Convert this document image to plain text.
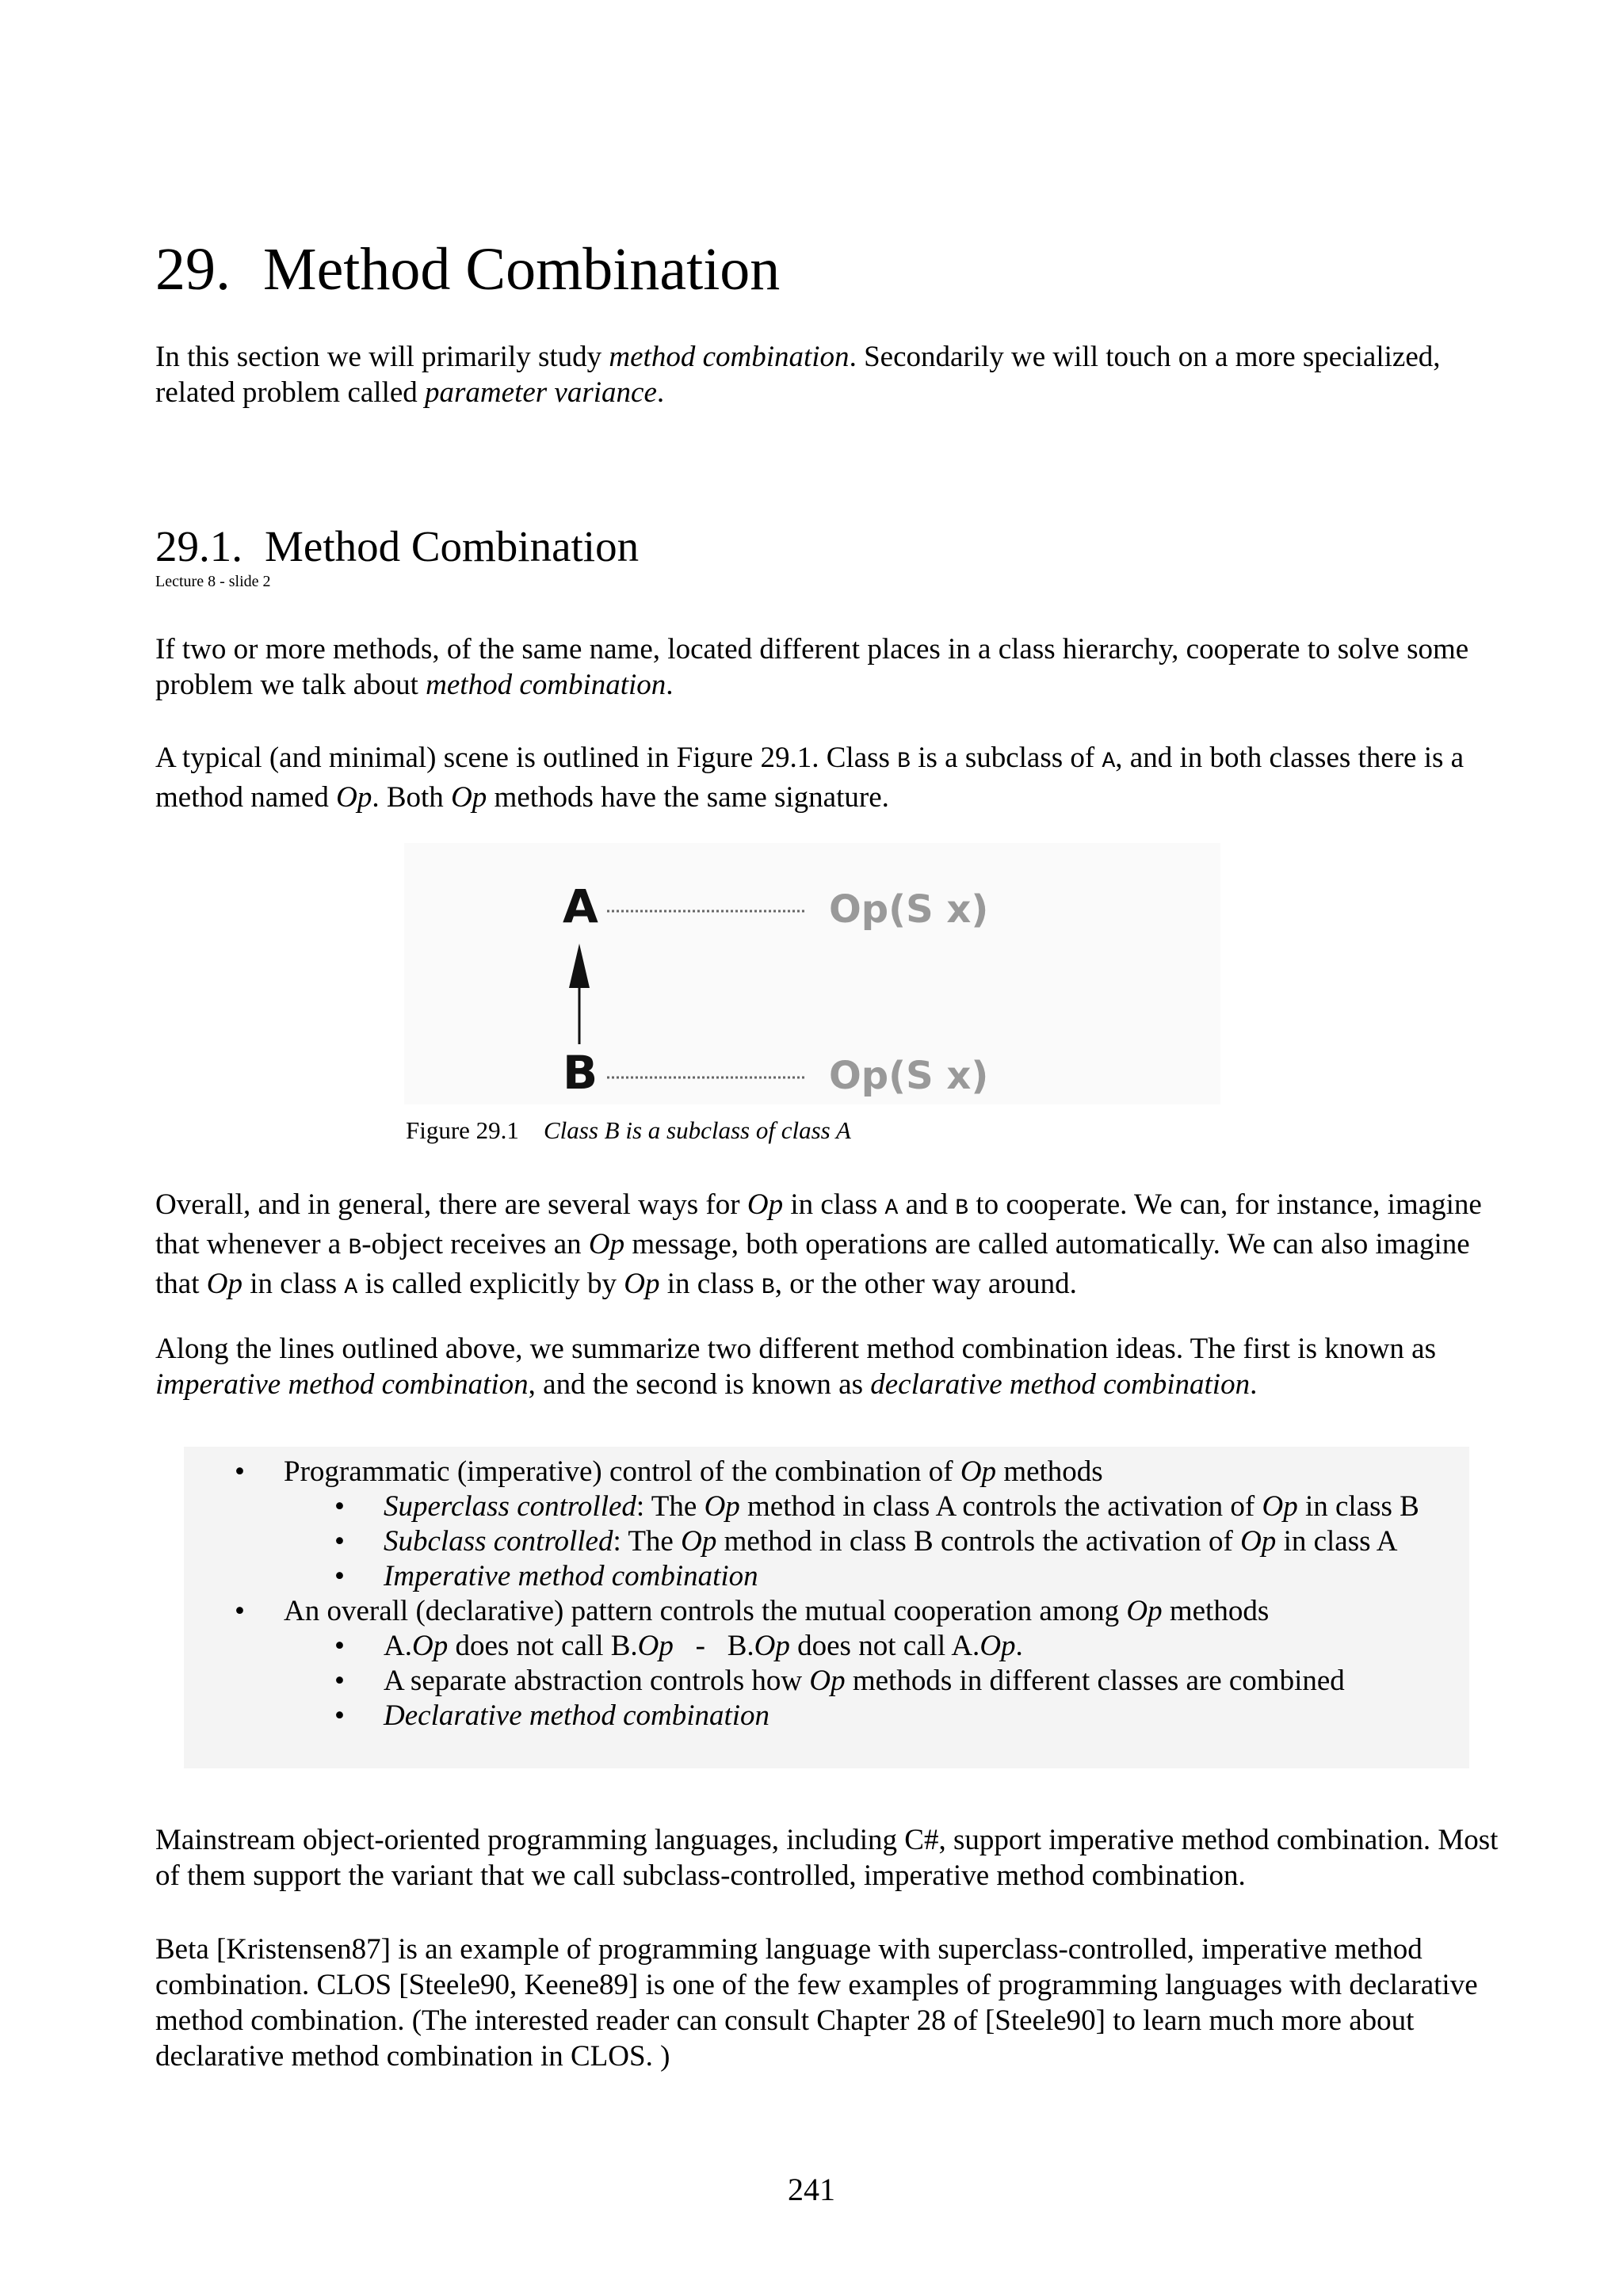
29. Method Combination
In this section we will primarily study method combination. Secondarily we will touch on a more specialized, related problem called parameter variance.
29.1. Method Combination
Lecture 8 - slide 2
If two or more methods, of the same name, located different places in a class hierarchy, cooperate to solve some problem we talk about method combination.
A typical (and minimal) scene is outlined in Figure 29.1. Class B is a subclass of A, and in both classes there is a method named Op. Both Op methods have the same signature.
A
B
Op(S x)
Op(S x)
Figure 29.1 Class B is a subclass of class A
Overall, and in general, there are several ways for Op in class A and B to cooperate. We can, for instance, imagine that whenever a B-object receives an Op message, both operations are called automatically. We can also imagine that Op in class A is called explicitly by Op in class B, or the other way around.
Along the lines outlined above, we summarize two different method combination ideas. The first is known as imperative method combination, and the second is known as declarative method combination.
• Programmatic (imperative) control of the combination of Op methods
• Superclass controlled: The Op method in class A controls the activation of Op in class B
• Subclass controlled: The Op method in class B controls the activation of Op in class A
• Imperative method combination
• An overall (declarative) pattern controls the mutual cooperation among Op methods
• A.Op does not call B.Op   -   B.Op does not call A.Op.
• A separate abstraction controls how Op methods in different classes are combined
• Declarative method combination
Mainstream object-oriented programming languages, including C#, support imperative method combination. Most of them support the variant that we call subclass-controlled, imperative method combination.
Beta [Kristensen87] is an example of programming language with superclass-controlled, imperative method combination. CLOS [Steele90, Keene89] is one of the few examples of programming languages with declarative method combination. (The interested reader can consult Chapter 28 of [Steele90] to learn much more about declarative method combination in CLOS. )
241
